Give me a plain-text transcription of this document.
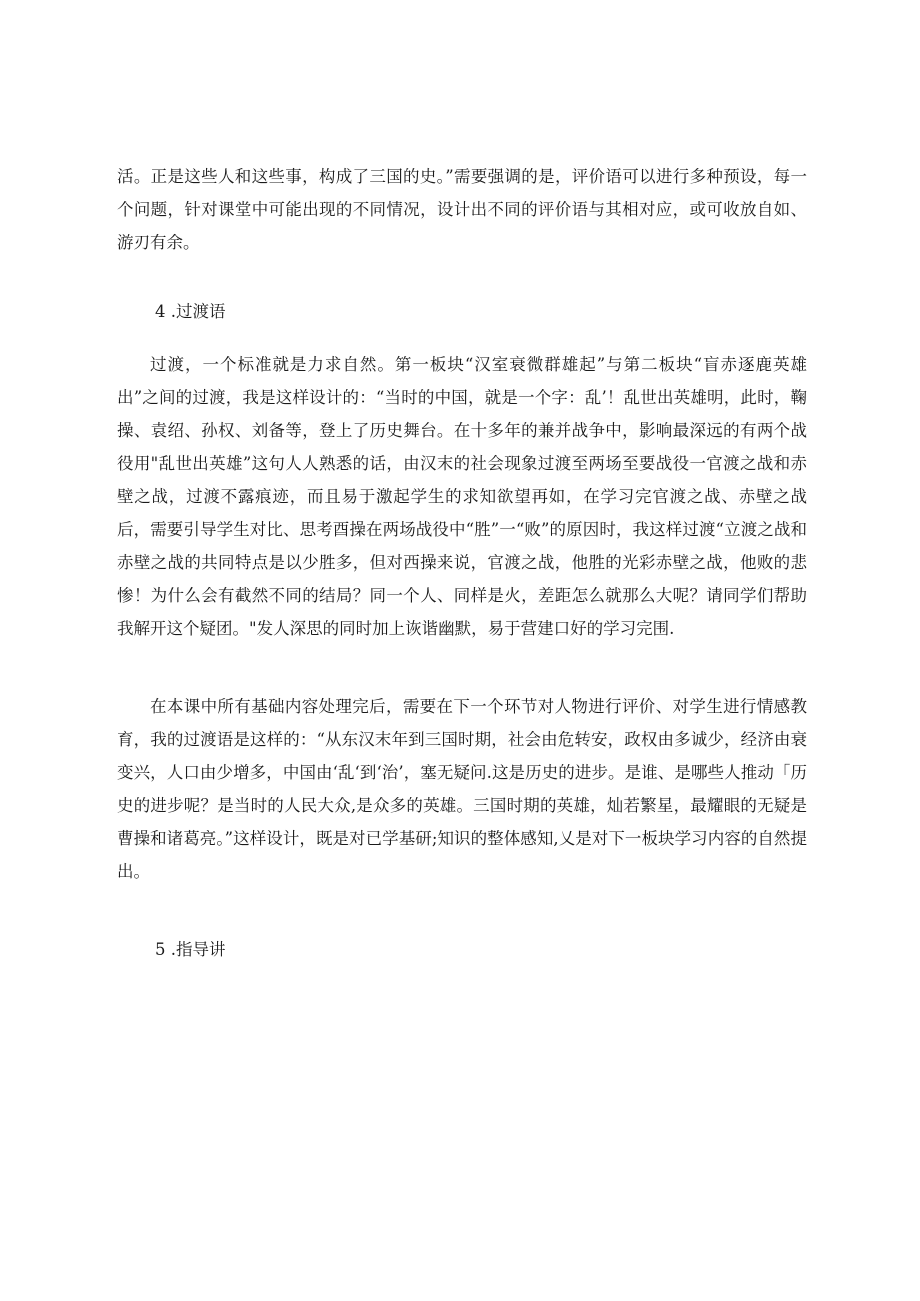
活。正是这些人和这些事，构成了三国的史。”需要强调的是，评价语可以进行多种预设，每一个问题，针对课堂中可能出现的不同情况，设计出不同的评价语与其相对应，或可收放自如、游刃有余。

4 .过渡语

过渡，一个标准就是力求自然。第一板块“汉室衰微群雄起”与第二板块“盲赤逐鹿英雄出”之间的过渡，我是这样设计的：“当时的中国，就是一个字：乱’！乱世出英雄明，此时，鞠操、袁绍、孙权、刘备等，登上了历史舞台。在十多年的兼并战争中，影响最深远的有两个战役用"乱世出英雄”这句人人熟悉的话，由汉末的社会现象过渡至两场至要战役一官渡之战和赤壁之战，过渡不露痕迹，而且易于激起学生的求知欲望再如，在学习完官渡之战、赤壁之战后，需要引导学生对比、思考酉操在两场战役中“胜”一“败”的原因时，我这样过渡“立渡之战和赤壁之战的共同特点是以少胜多，但对西操来说，官渡之战，他胜的光彩赤壁之战，他败的悲惨！为什么会有截然不同的结局？同一个人、同样是火，差距怎么就那么大呢？请同学们帮助我解开这个疑团。"发人深思的同时加上诙谐幽默，易于营建口好的学习完围.

在本课中所有基础内容处理完后，需要在下一个环节对人物进行评价、对学生进行情感教育，我的过渡语是这样的：“从东汉末年到三国时期，社会由危转安，政权由多诚少，经济由衰变兴，人口由少增多，中国由‘乱‘到‘治’，塞无疑问.这是历史的进步。是谁、是哪些人推动「历史的进步呢？是当时的人民大众,是众多的英雄。三国时期的英雄，灿若繁星，最耀眼的无疑是曹操和诸葛亮。”这样设计，既是对已学基研;知识的整体感知,乂是对下一板块学习内容的自然提出。

5 .指导讲
